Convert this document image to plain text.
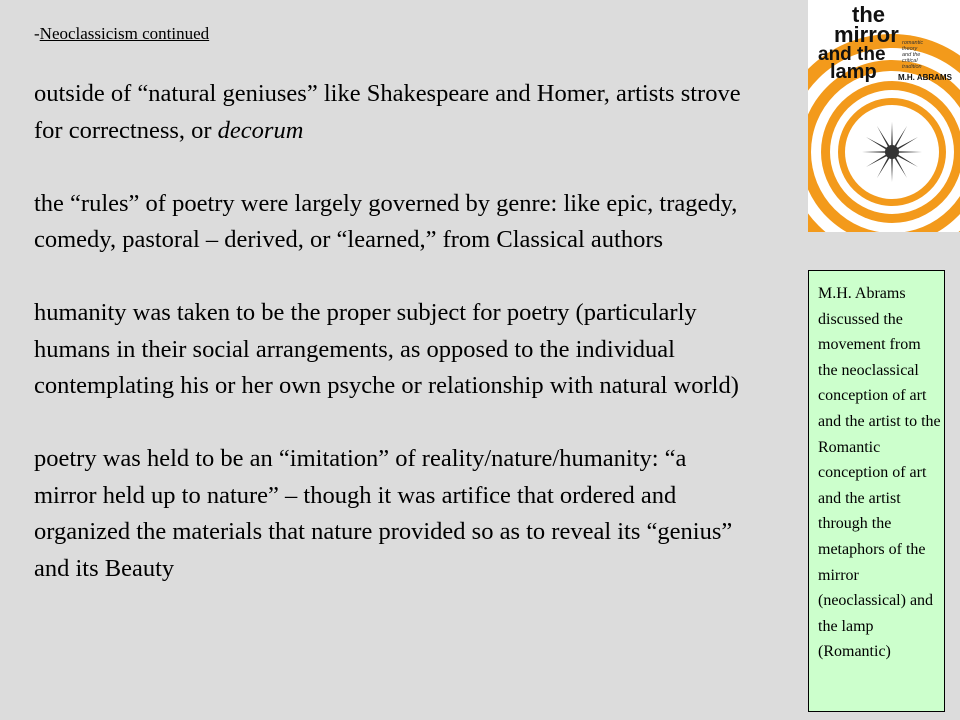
-Neoclassicism continued

outside of “natural geniuses” like Shakespeare and Homer, artists strove for correctness, or decorum

the “rules” of poetry were largely governed by genre: like epic, tragedy, comedy, pastoral – derived, or “learned,” from Classical authors

humanity was taken to be the proper subject for poetry (particularly humans in their social arrangements, as opposed to the individual contemplating his or her own psyche or relationship with natural world)

poetry was held to be an “imitation” of reality/nature/humanity: “a mirror held up to nature” – though it was artifice that ordered and organized the materials that nature provided so as to reveal its “genius” and its Beauty

the
mirror
and the
lamp
romantic
theory
and the
critical
tradition
M.H. ABRAMS
M.H. Abrams discussed the movement from the neoclassical conception of art and the artist to the Romantic conception of art and the artist through the metaphors of the mirror (neoclassical) and the lamp (Romantic)
